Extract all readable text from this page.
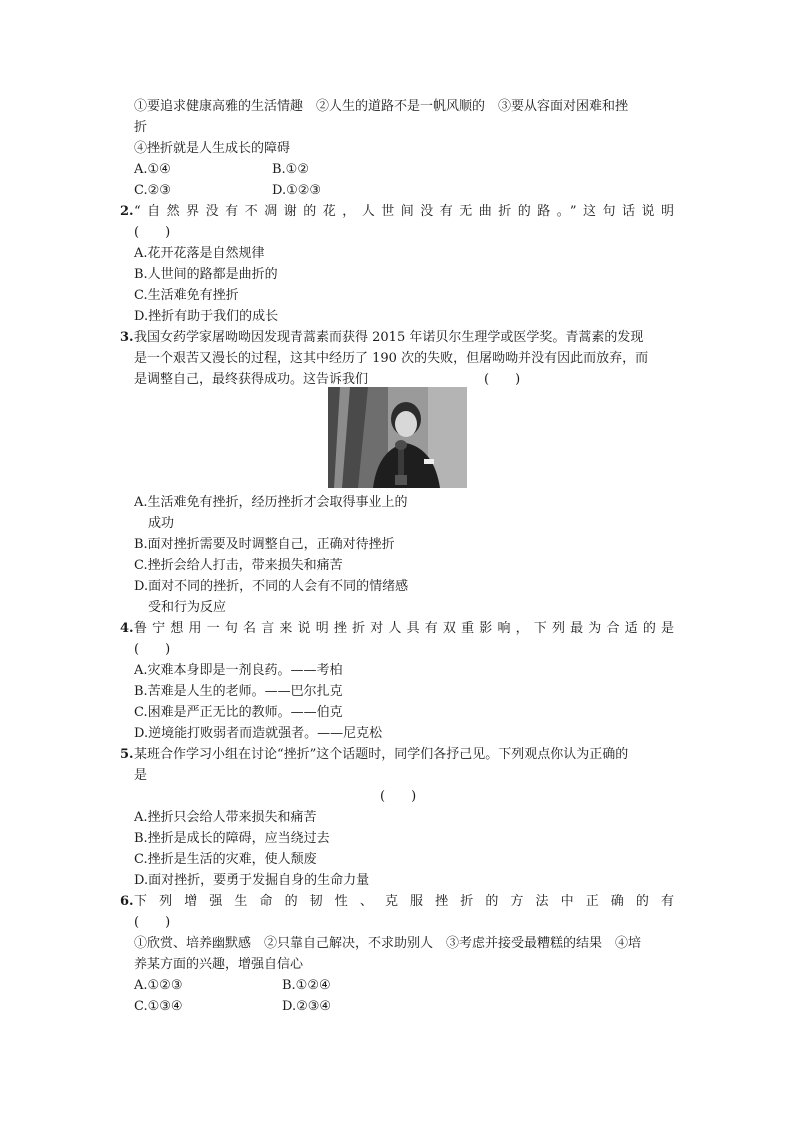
①要追求健康高雅的生活情趣　②人生的道路不是一帆风顺的　③要从容面对困难和挫
折
④挫折就是人生成长的障碍
A.①④	B.①②
C.②③	D.①②③
2. “自然界没有不凋谢的花，人世间没有无曲折的路。”这句话说明
(　　)
A.花开花落是自然规律
B.人世间的路都是曲折的
C.生活难免有挫折
D.挫折有助于我们的成长
3. 我国女药学家屠呦呦因发现青蒿素而获得 2015 年诺贝尔生理学或医学奖。青蒿素的发现
是一个艰苦又漫长的过程，这其中经历了 190 次的失败，但屠呦呦并没有因此而放弃，而
是调整自己，最终获得成功。这告诉我们	(　　)
A.生活难免有挫折，经历挫折才会取得事业上的
成功
B.面对挫折需要及时调整自己，正确对待挫折
C.挫折会给人打击，带来损失和痛苦
D.面对不同的挫折，不同的人会有不同的情绪感
受和行为反应
4. 鲁宁想用一句名言来说明挫折对人具有双重影响，下列最为合适的是
(　　)
A.灾难本身即是一剂良药。——考柏
B.苦难是人生的老师。——巴尔扎克
C.困难是严正无比的教师。——伯克
D.逆境能打败弱者而造就强者。——尼克松
5. 某班合作学习小组在讨论“挫折”这个话题时，同学们各抒己见。下列观点你认为正确的
是
(　　)
A.挫折只会给人带来损失和痛苦
B.挫折是成长的障碍，应当绕过去
C.挫折是生活的灾难，使人颓废
D.面对挫折，要勇于发掘自身的生命力量
6. 下列增强生命的韧性、克服挫折的方法中正确的有
(　　)
①欣赏、培养幽默感　②只靠自己解决，不求助别人　③考虑并接受最糟糕的结果　④培
养某方面的兴趣，增强自信心
A.①②③	B.①②④
C.①③④	D.②③④
